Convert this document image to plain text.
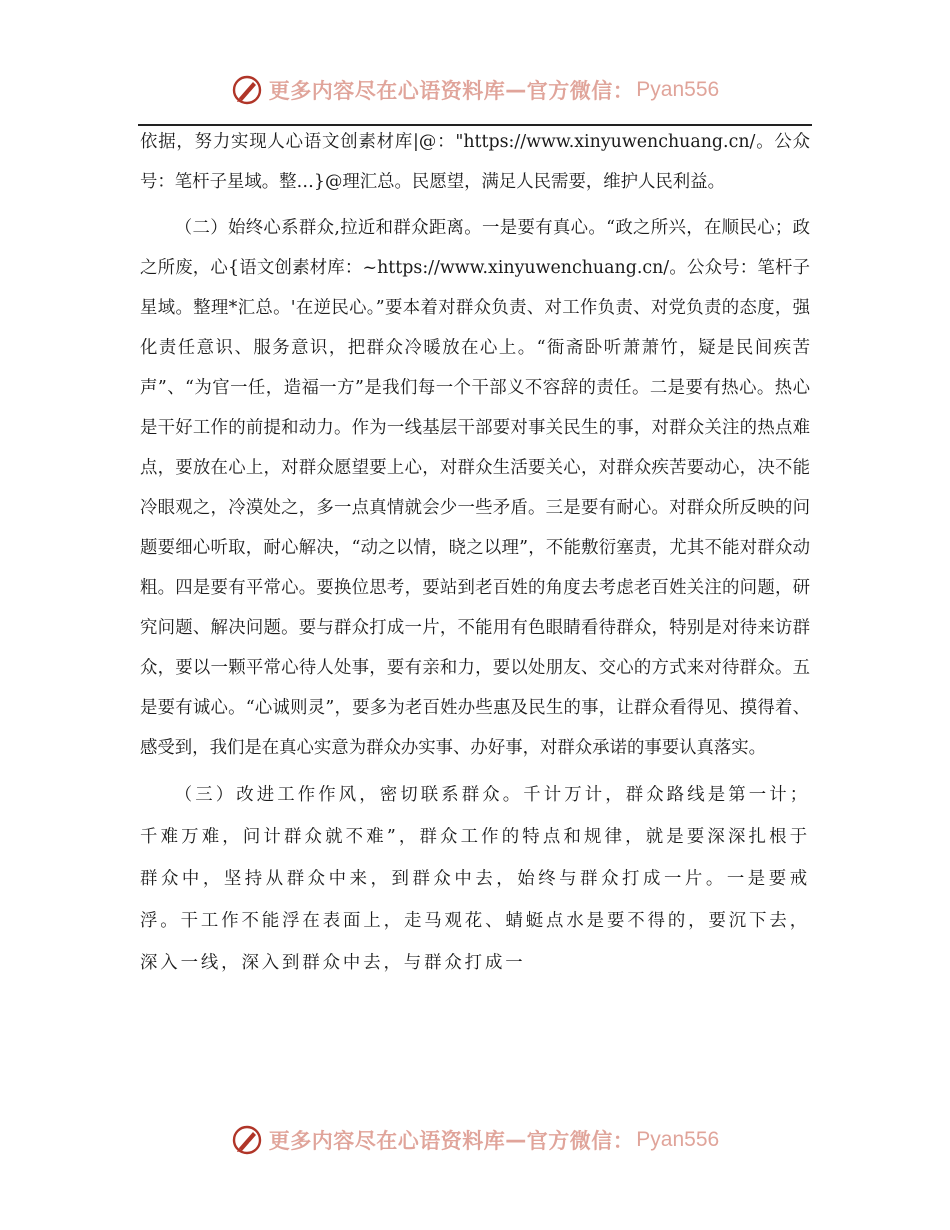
更多内容尽在心语资料库 — 官方微信： Pyan556

依据，努力实现人心语文创素材库|@："https://www.xinyuwenchuang.cn/。公众号：笔杆子星域。整…}@理汇总。民愿望，满足人民需要，维护人民利益。

（二）始终心系群众,拉近和群众距离。一是要有真心。“政之所兴，在顺民心；政之所废，心{语文创素材库：~https://www.xinyuwenchuang.cn/。公众号：笔杆子星域。整理*汇总。'在逆民心。”要本着对群众负责、对工作负责、对党负责的态度，强化责任意识、服务意识，把群众冷暖放在心上。“衙斋卧听萧萧竹，疑是民间疾苦声”、“为官一任，造福一方”是我们每一个干部义不容辞的责任。二是要有热心。热心是干好工作的前提和动力。作为一线基层干部要对事关民生的事，对群众关注的热点难点，要放在心上，对群众愿望要上心，对群众生活要关心，对群众疾苦要动心，决不能冷眼观之，冷漠处之，多一点真情就会少一些矛盾。三是要有耐心。对群众所反映的问题要细心听取，耐心解决，“动之以情，晓之以理”，不能敷衍塞责，尤其不能对群众动粗。四是要有平常心。要换位思考，要站到老百姓的角度去考虑老百姓关注的问题，研究问题、解决问题。要与群众打成一片，不能用有色眼睛看待群众，特别是对待来访群众，要以一颗平常心待人处事，要有亲和力，要以处朋友、交心的方式来对待群众。五是要有诚心。“心诚则灵”，要多为老百姓办些惠及民生的事，让群众看得见、摸得着、感受到，我们是在真心实意为群众办实事、办好事，对群众承诺的事要认真落实。

（三）改进工作作风，密切联系群众。千计万计，群众路线是第一计；千难万难，问计群众就不难”，群众工作的特点和规律，就是要深深扎根于群众中，坚持从群众中来，到群众中去，始终与群众打成一片。一是要戒浮。干工作不能浮在表面上，走马观花、蜻蜓点水是要不得的，要沉下去，深入一线，深入到群众中去，与群众打成一

更多内容尽在心语资料库 — 官方微信： Pyan556
